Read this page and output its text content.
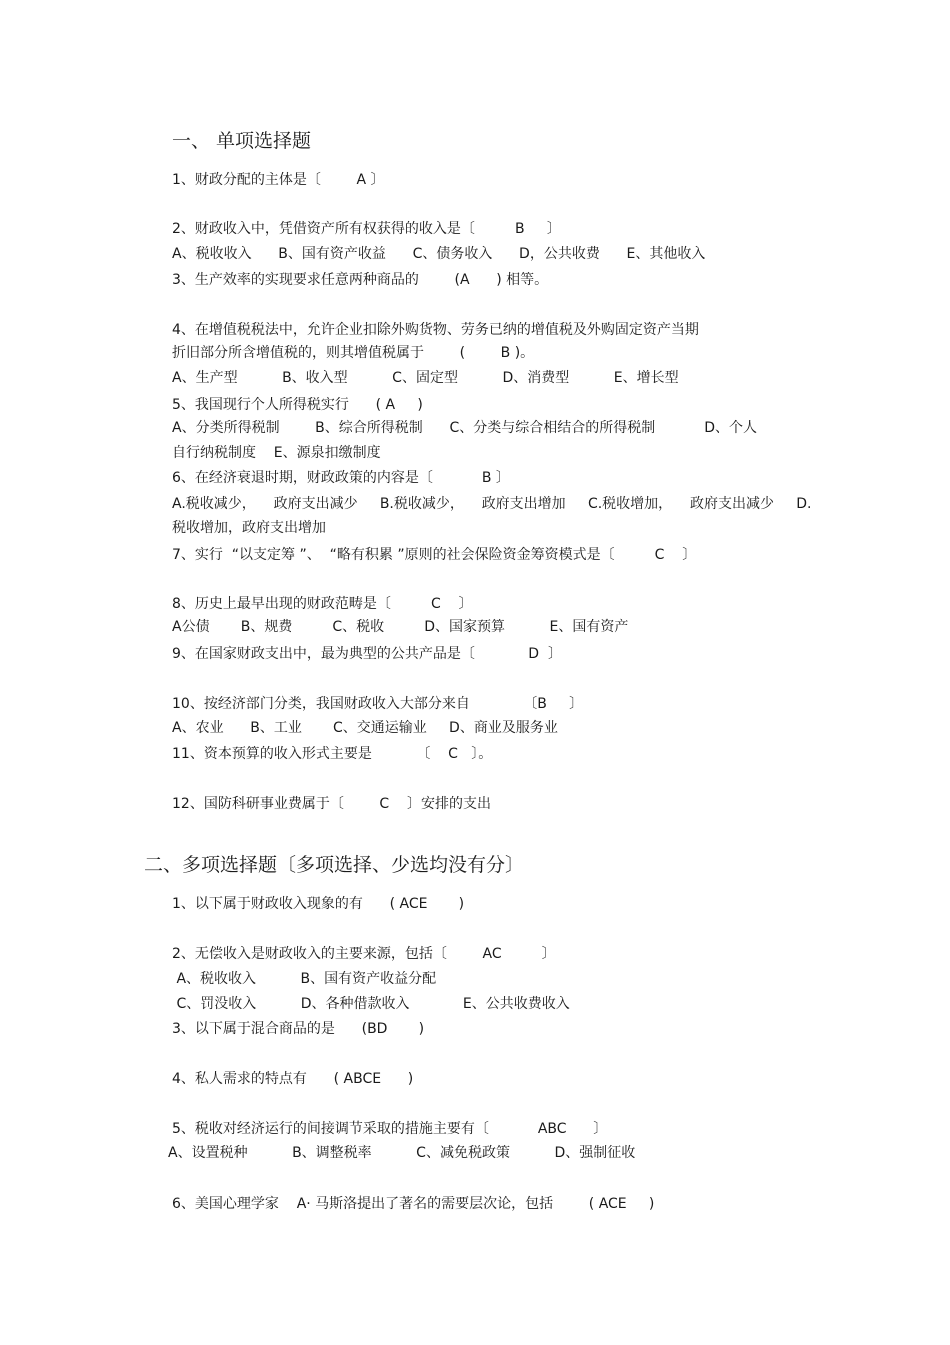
一、 单项选择题
1、财政分配的主体是〔        A 〕
2、财政收入中，凭借资产所有权获得的收入是〔         B     〕
A、税收收入      B、国有资产收益      C、债务收入      D，公共收费      E、其他收入
3、生产效率的实现要求任意两种商品的        (A      ) 相等。
4、在增值税税法中，允许企业扣除外购货物、劳务已纳的增值税及外购固定资产当期
折旧部分所含增值税的，则其增值税属于        (        B )。
A、生产型          B、收入型          C、固定型          D、消费型          E、增长型
5、我国现行个人所得税实行      ( A     )
A、分类所得税制        B、综合所得税制      C、分类与综合相结合的所得税制           D、个人
自行纳税制度    E、源泉扣缴制度
6、在经济衰退时期，财政政策的内容是〔           B 〕
A.税收减少，    政府支出减少     B.税收减少，    政府支出增加     C.税收增加，    政府支出减少     D.
税收增加，政府支出增加
7、实行  “以支定筹 ”、  “略有积累 ”原则的社会保险资金筹资模式是〔         C    〕
8、历史上最早出现的财政范畴是〔         C    〕
A公债       B、规费         C、税收         D、国家预算          E、国有资产
9、在国家财政支出中，最为典型的公共产品是〔            D  〕
10、按经济部门分类，我国财政收入大部分来自            〔B     〕
A、农业      B、工业       C、交通运输业     D、商业及服务业
11、资本预算的收入形式主要是          〔    C   〕。
12、国防科研事业费属于〔        C    〕安排的支出
二、多项选择题〔多项选择、少选均没有分〕
1、以下属于财政收入现象的有      ( ACE       )
2、无偿收入是财政收入的主要来源，包括〔        AC         〕
A、税收收入          B、国有资产收益分配
C、罚没收入          D、各种借款收入            E、公共收费收入
3、以下属于混合商品的是      (BD       )
4、私人需求的特点有      ( ABCE      )
5、税收对经济运行的间接调节采取的措施主要有〔           ABC      〕
A、设置税种          B、调整税率          C、减免税政策          D、强制征收
6、美国心理学家    A· 马斯洛提出了著名的需要层次论，包括        ( ACE     )
